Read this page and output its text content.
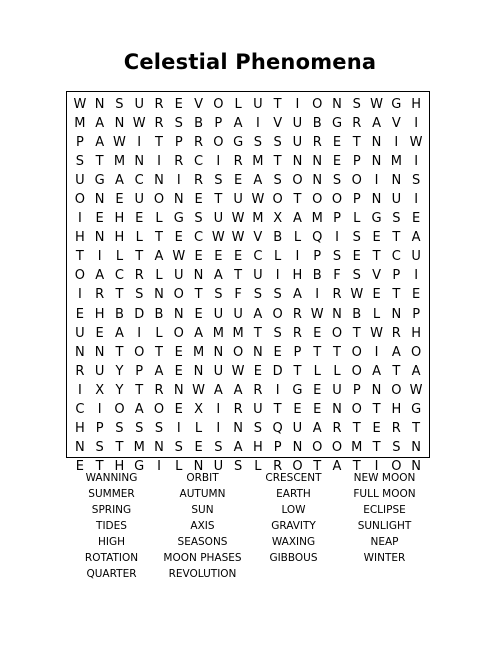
Celestial Phenomena
W N S U R E V O L U T	I O N S W G H
M A N W R S B P A	I	V U B G R A V	I
P A W I	T P R O G S S U R E T N	I W
S T M N I	R C	I	R M T N N E P N M I
U G A C N I	R S E A S O N S O I N S
O N E U O N E T U W O T O O P N U	I
I	E H E L G S U W M X A M P L G S E
H N H L T E C W W V B L Q I	S E T A
T	I	L T A W E E E C L	I	P S E T C U
O A C R L U N A T U	I H B F S V P	I
I	R T S N O T S F S S A	I	R W E T E
E H B D B N E U U A O R W N B L N P
U E A	I	L O A M M T S R E O T W R H
N N T O T E M N O N E P T T O I	A O
R U Y P A E N U W E D T L L O A T A
I	X Y T R N W A A R	I G E U P N O W
C	I O A O E X	I	R U T E E N O T H G
H P S S S	I	L	I N S Q U A R T E R T
N S T M N S E S A H P N O O M T S N
E T H G I	L N U S L R O T A T	I O N
WANNING	ORBIT	CRESCENT	NEW MOON
SUMMER	AUTUMN	EARTH	FULL MOON
SPRING	SUN	LOW	ECLIPSE
TIDES	AXIS	GRAVITY	SUNLIGHT
HIGH	SEASONS	WAXING	NEAP
ROTATION	MOON PHASES	GIBBOUS	WINTER
QUARTER	REVOLUTION
